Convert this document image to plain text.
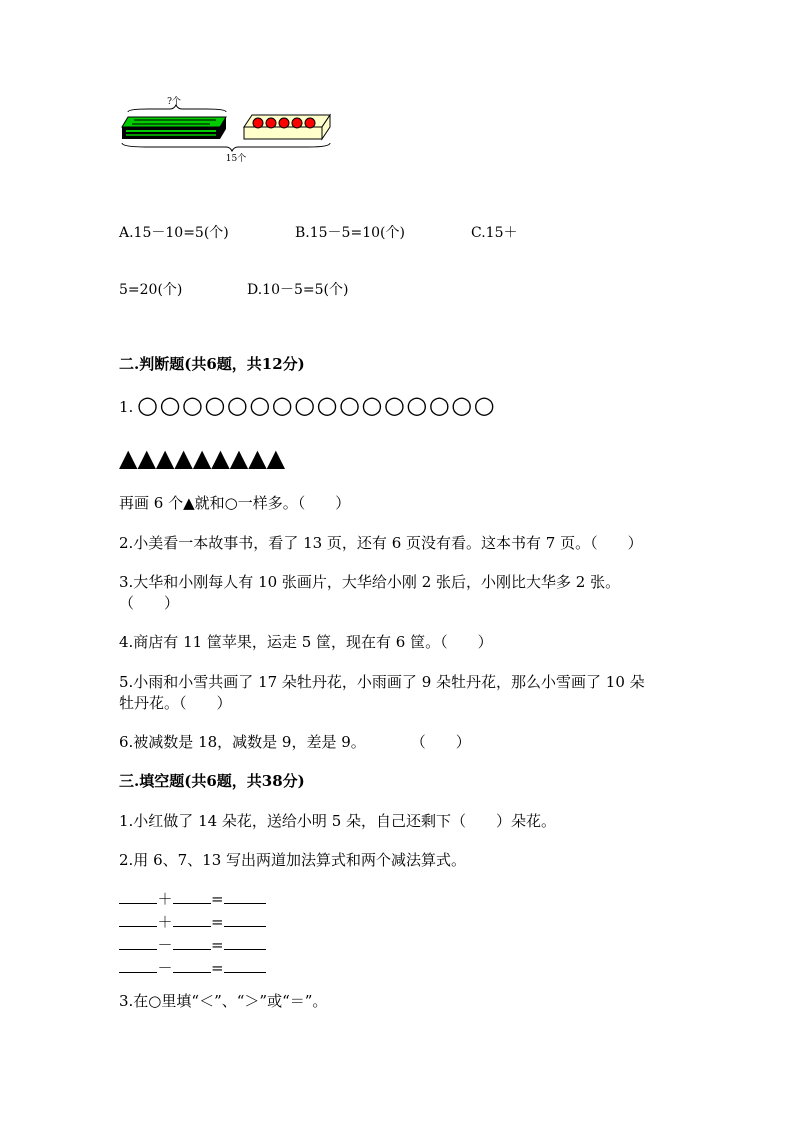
?个
15个
A.15－10=5(个)	B.15－5=10(个)	C.15＋
5=20(个)	D.10－5=5(个)
二.判断题(共6题，共12分)
1. ○○○○○○○○○○○○○○○○
▲▲▲▲▲▲▲▲▲
再画 6 个▲就和○一样多。（　　）
2.小美看一本故事书，看了 13 页，还有 6 页没有看。这本书有 7 页。（　　）
3.大华和小刚每人有 10 张画片，大华给小刚 2 张后，小刚比大华多 2 张。
（　　）
4.商店有 11 筐苹果，运走 5 筐，现在有 6 筐。（　　）
5.小雨和小雪共画了 17 朵牡丹花，小雨画了 9 朵牡丹花，那么小雪画了 10 朵
牡丹花。（　　）
6.被减数是 18，减数是 9，差是 9。　　　　（　　）
三.填空题(共6题，共38分)
1.小红做了 14 朵花，送给小明 5 朵，自己还剩下（　　）朵花。
2.用 6、7、13 写出两道加法算式和两个减法算式。
＋	=
＋	=
－	=
－	=
3.在○里填“＜”、“＞”或“＝”。
